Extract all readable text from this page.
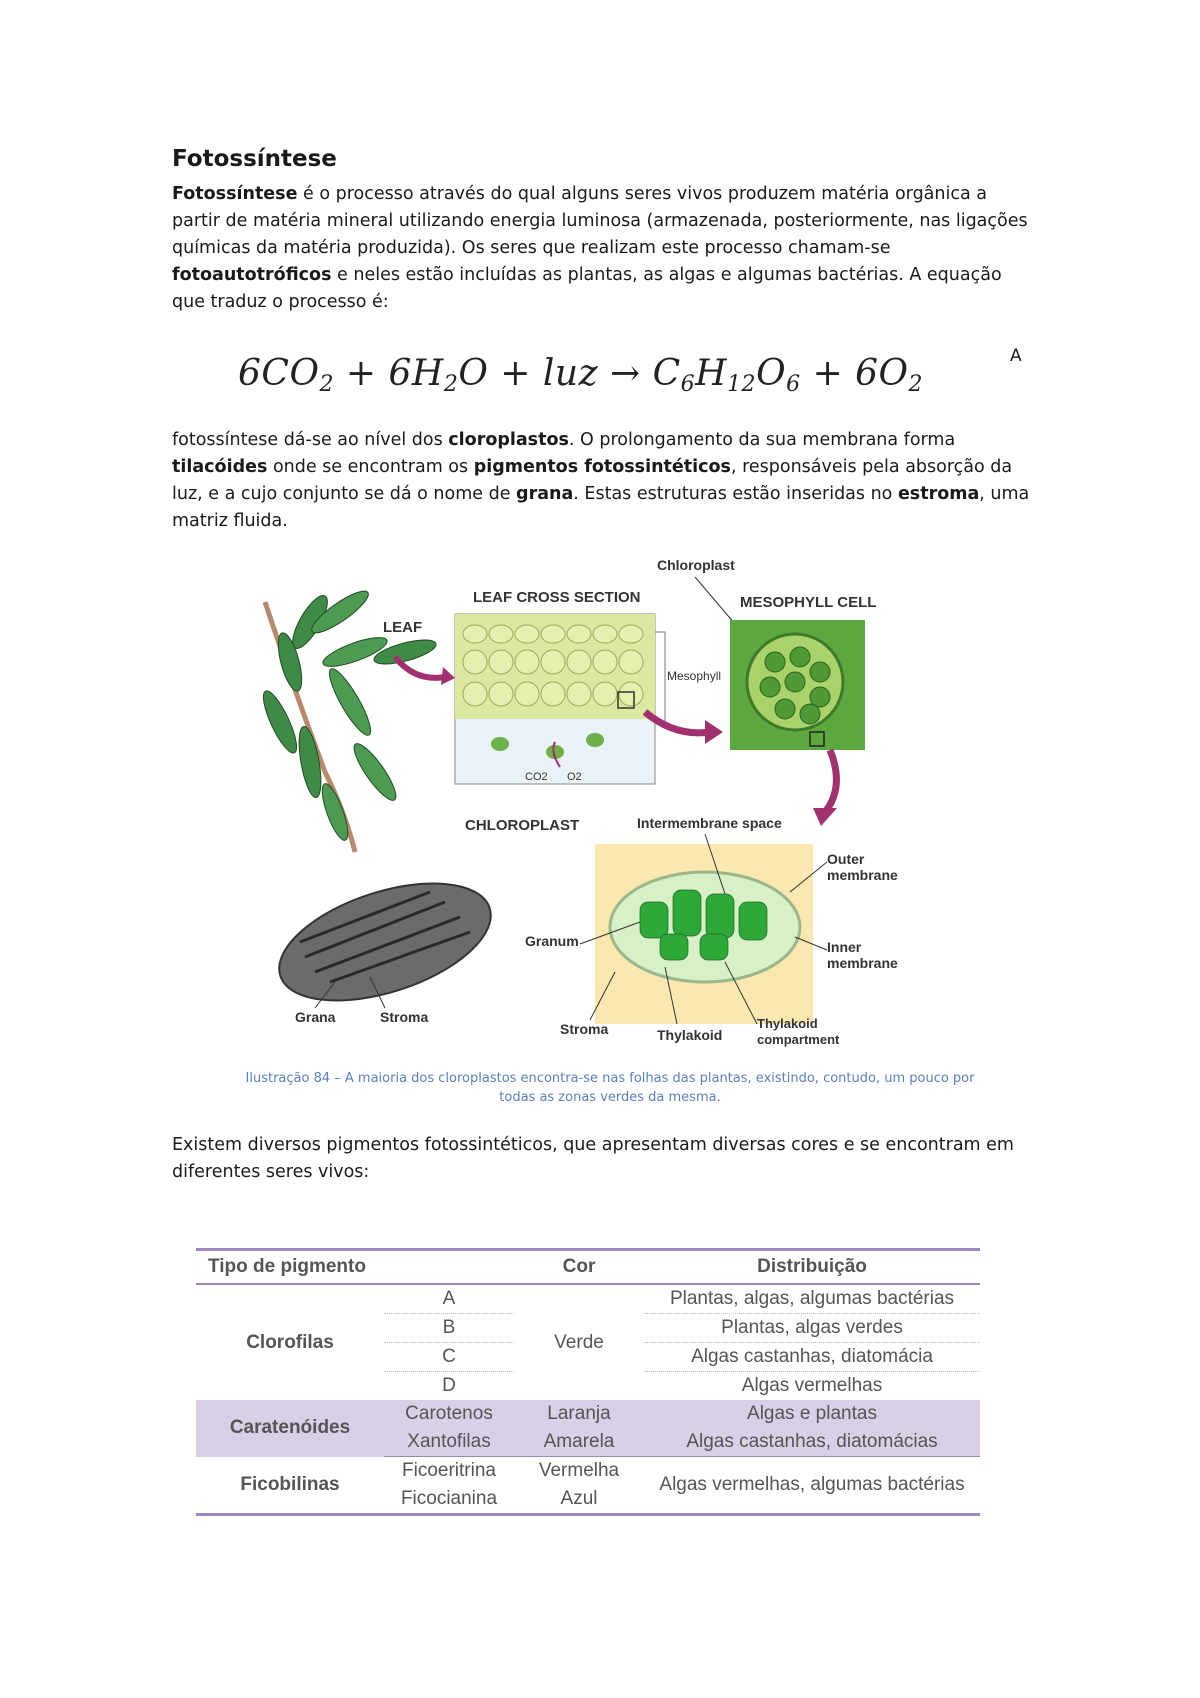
Fotossíntese
Fotossíntese é o processo através do qual alguns seres vivos produzem matéria orgânica a partir de matéria mineral utilizando energia luminosa (armazenada, posteriormente, nas ligações químicas da matéria produzida). Os seres que realizam este processo chamam-se fotoautotróficos e neles estão incluídas as plantas, as algas e algumas bactérias. A equação que traduz o processo é:
$6CO_2 + 6H_2O$ + luz → $C_6H_{12}O_6 + 6O_2$
A
fotossíntese dá-se ao nível dos cloroplastos. O prolongamento da sua membrana forma tilacóides onde se encontram os pigmentos fotossintéticos, responsáveis pela absorção da luz, e a cujo conjunto se dá o nome de grana. Estas estruturas estão inseridas no estroma, uma matriz fluida.
LEAF
LEAF CROSS SECTION
Mesophyll
CO2 O2
Chloroplast
MESOPHYLL CELL
CHLOROPLAST	Intermembrane space
Outer
membrane
Granum	Inner
membrane
Grana	Stroma
Stroma	Thylakoid
Thylakoid
compartment
Ilustração 84 – A maioria dos cloroplastos encontra-se nas folhas das plantas, existindo, contudo, um pouco por todas as zonas verdes da mesma.
Existem diversos pigmentos fotossintéticos, que apresentam diversas cores e se encontram em diferentes seres vivos:
Tipo de pigmento		Cor	Distribuição
Clorofilas	A	Verde	Plantas, algas, algumas bactérias
	B		Plantas, algas verdes
	C		Algas castanhas, diatomácia
	D		Algas vermelhas
Caratenóides	Carotenos	Laranja	Algas e plantas
	Xantofilas	Amarela	Algas castanhas, diatomácias
Ficobilinas	Ficoeritrina	Vermelha	Algas vermelhas, algumas bactérias
	Ficocianina	Azul	
